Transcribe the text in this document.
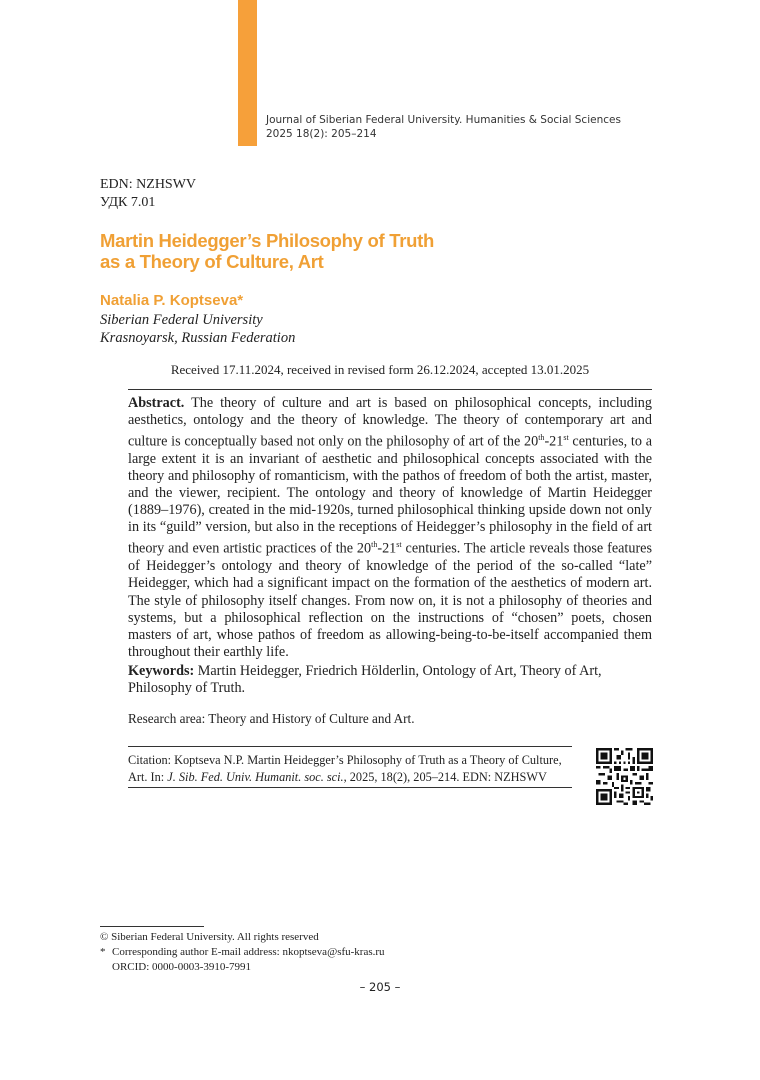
Journal of Siberian Federal University. Humanities & Social Sciences
2025 18(2): 205–214
EDN: NZHSWV
УДК 7.01
Martin Heidegger’s Philosophy of Truth
as a Theory of Culture, Art
Natalia P. Koptseva*
Siberian Federal University
Krasnoyarsk, Russian Federation
Received 17.11.2024, received in revised form 26.12.2024, accepted 13.01.2025
Abstract. The theory of culture and art is based on philosophical concepts, including aesthetics, ontology and the theory of knowledge. The theory of contemporary art and culture is conceptually based not only on the philosophy of art of the 20th-21st centuries, to a large extent it is an invariant of aesthetic and philosophical concepts associated with the theory and philosophy of romanticism, with the pathos of freedom of both the artist, master, and the viewer, recipient. The ontology and theory of knowledge of Martin Heidegger (1889–1976), created in the mid-1920s, turned philosophical thinking upside down not only in its “guild” version, but also in the receptions of Heidegger’s philosophy in the field of art theory and even artistic practices of the 20th-21st centuries. The article reveals those features of Heidegger’s ontology and theory of knowledge of the period of the so-called “late” Heidegger, which had a significant impact on the formation of the aesthetics of modern art. The style of philosophy itself changes. From now on, it is not a philosophy of theories and systems, but a philosophical reflection on the instructions of “chosen” poets, chosen masters of art, whose pathos of freedom as allowing-being-to-be-itself accompanied them throughout their earthly life.
Keywords: Martin Heidegger, Friedrich Hölderlin, Ontology of Art, Theory of Art, Philosophy of Truth.
Research area: Theory and History of Culture and Art.
Citation: Koptseva N.P. Martin Heidegger’s Philosophy of Truth as a Theory of Culture, Art. In: J. Sib. Fed. Univ. Humanit. soc. sci., 2025, 18(2), 205–214. EDN: NZHSWV
© Siberian Federal University. All rights reserved
* Corresponding author E-mail address: nkoptseva@sfu-kras.ru
ORCID: 0000-0003-3910-7991
– 205 –
